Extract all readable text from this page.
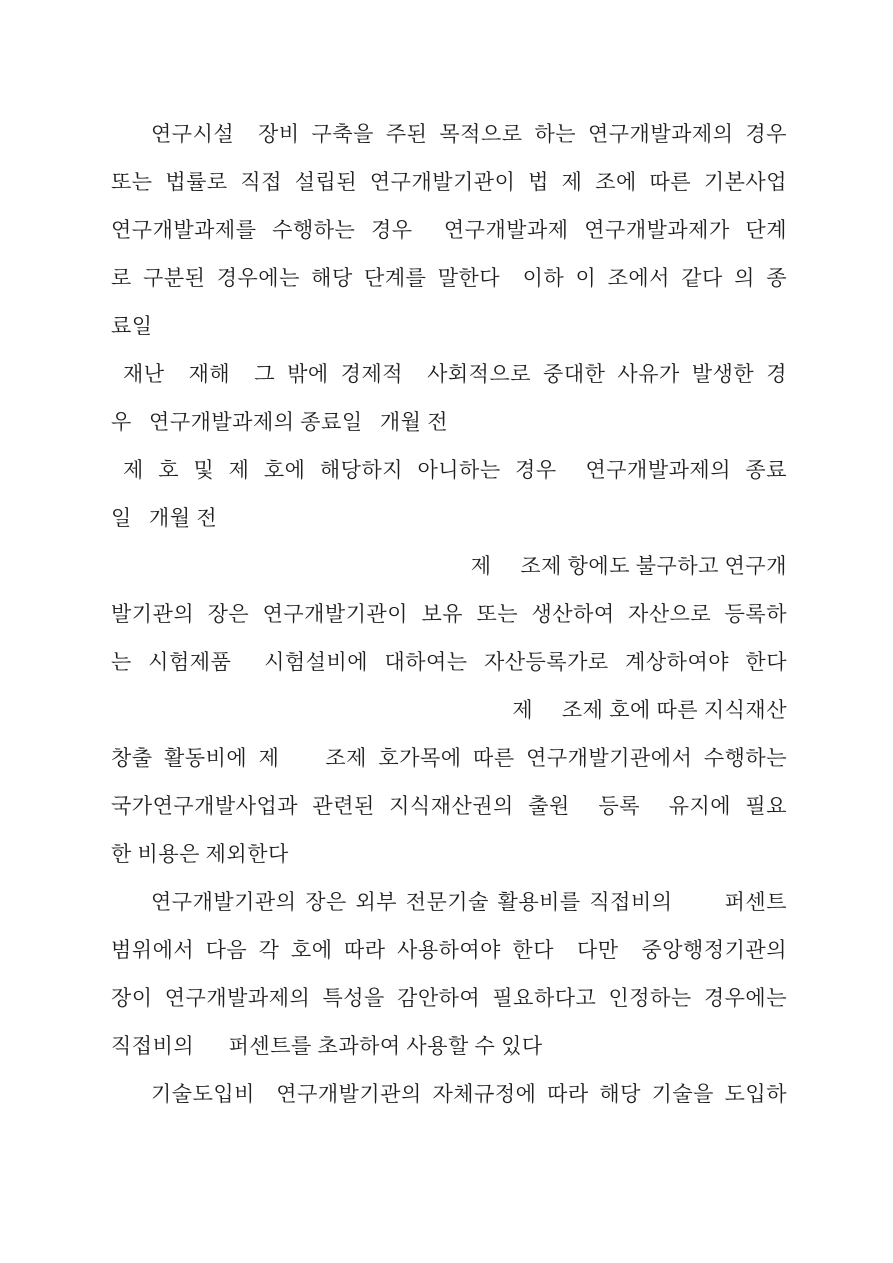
연구시설  장비 구축을 주된 목적으로 하는 연구개발과제의 경우
또는 법률로 직접 설립된 연구개발기관이 법 제 조에 따른 기본사업
연구개발과제를 수행하는 경우  연구개발과제 연구개발과제가 단계
로 구분된 경우에는 해당 단계를 말한다  이하 이 조에서 같다 의 종
료일
재난  재해  그 밖에 경제적  사회적으로 중대한 사유가 발생한 경
우   연구개발과제의 종료일   개월 전
제 호 및 제 호에 해당하지 아니하는 경우  연구개발과제의 종료
일   개월 전
제     조제 항에도 불구하고 연구개
발기관의 장은 연구개발기관이 보유 또는 생산하여 자산으로 등록하
는 시험제품  시험설비에 대하여는 자산등록가로 계상하여야 한다
제     조제 호에 따른 지식재산
창출 활동비에 제    조제 호가목에 따른 연구개발기관에서 수행하는
국가연구개발사업과 관련된 지식재산권의 출원  등록  유지에 필요
한 비용은 제외한다
연구개발기관의 장은 외부 전문기술 활용비를 직접비의      퍼센트
범위에서 다음 각 호에 따라 사용하여야 한다  다만  중앙행정기관의
장이 연구개발과제의 특성을 감안하여 필요하다고 인정하는 경우에는
직접비의      퍼센트를 초과하여 사용할 수 있다
기술도입비  연구개발기관의 자체규정에 따라 해당 기술을 도입하
